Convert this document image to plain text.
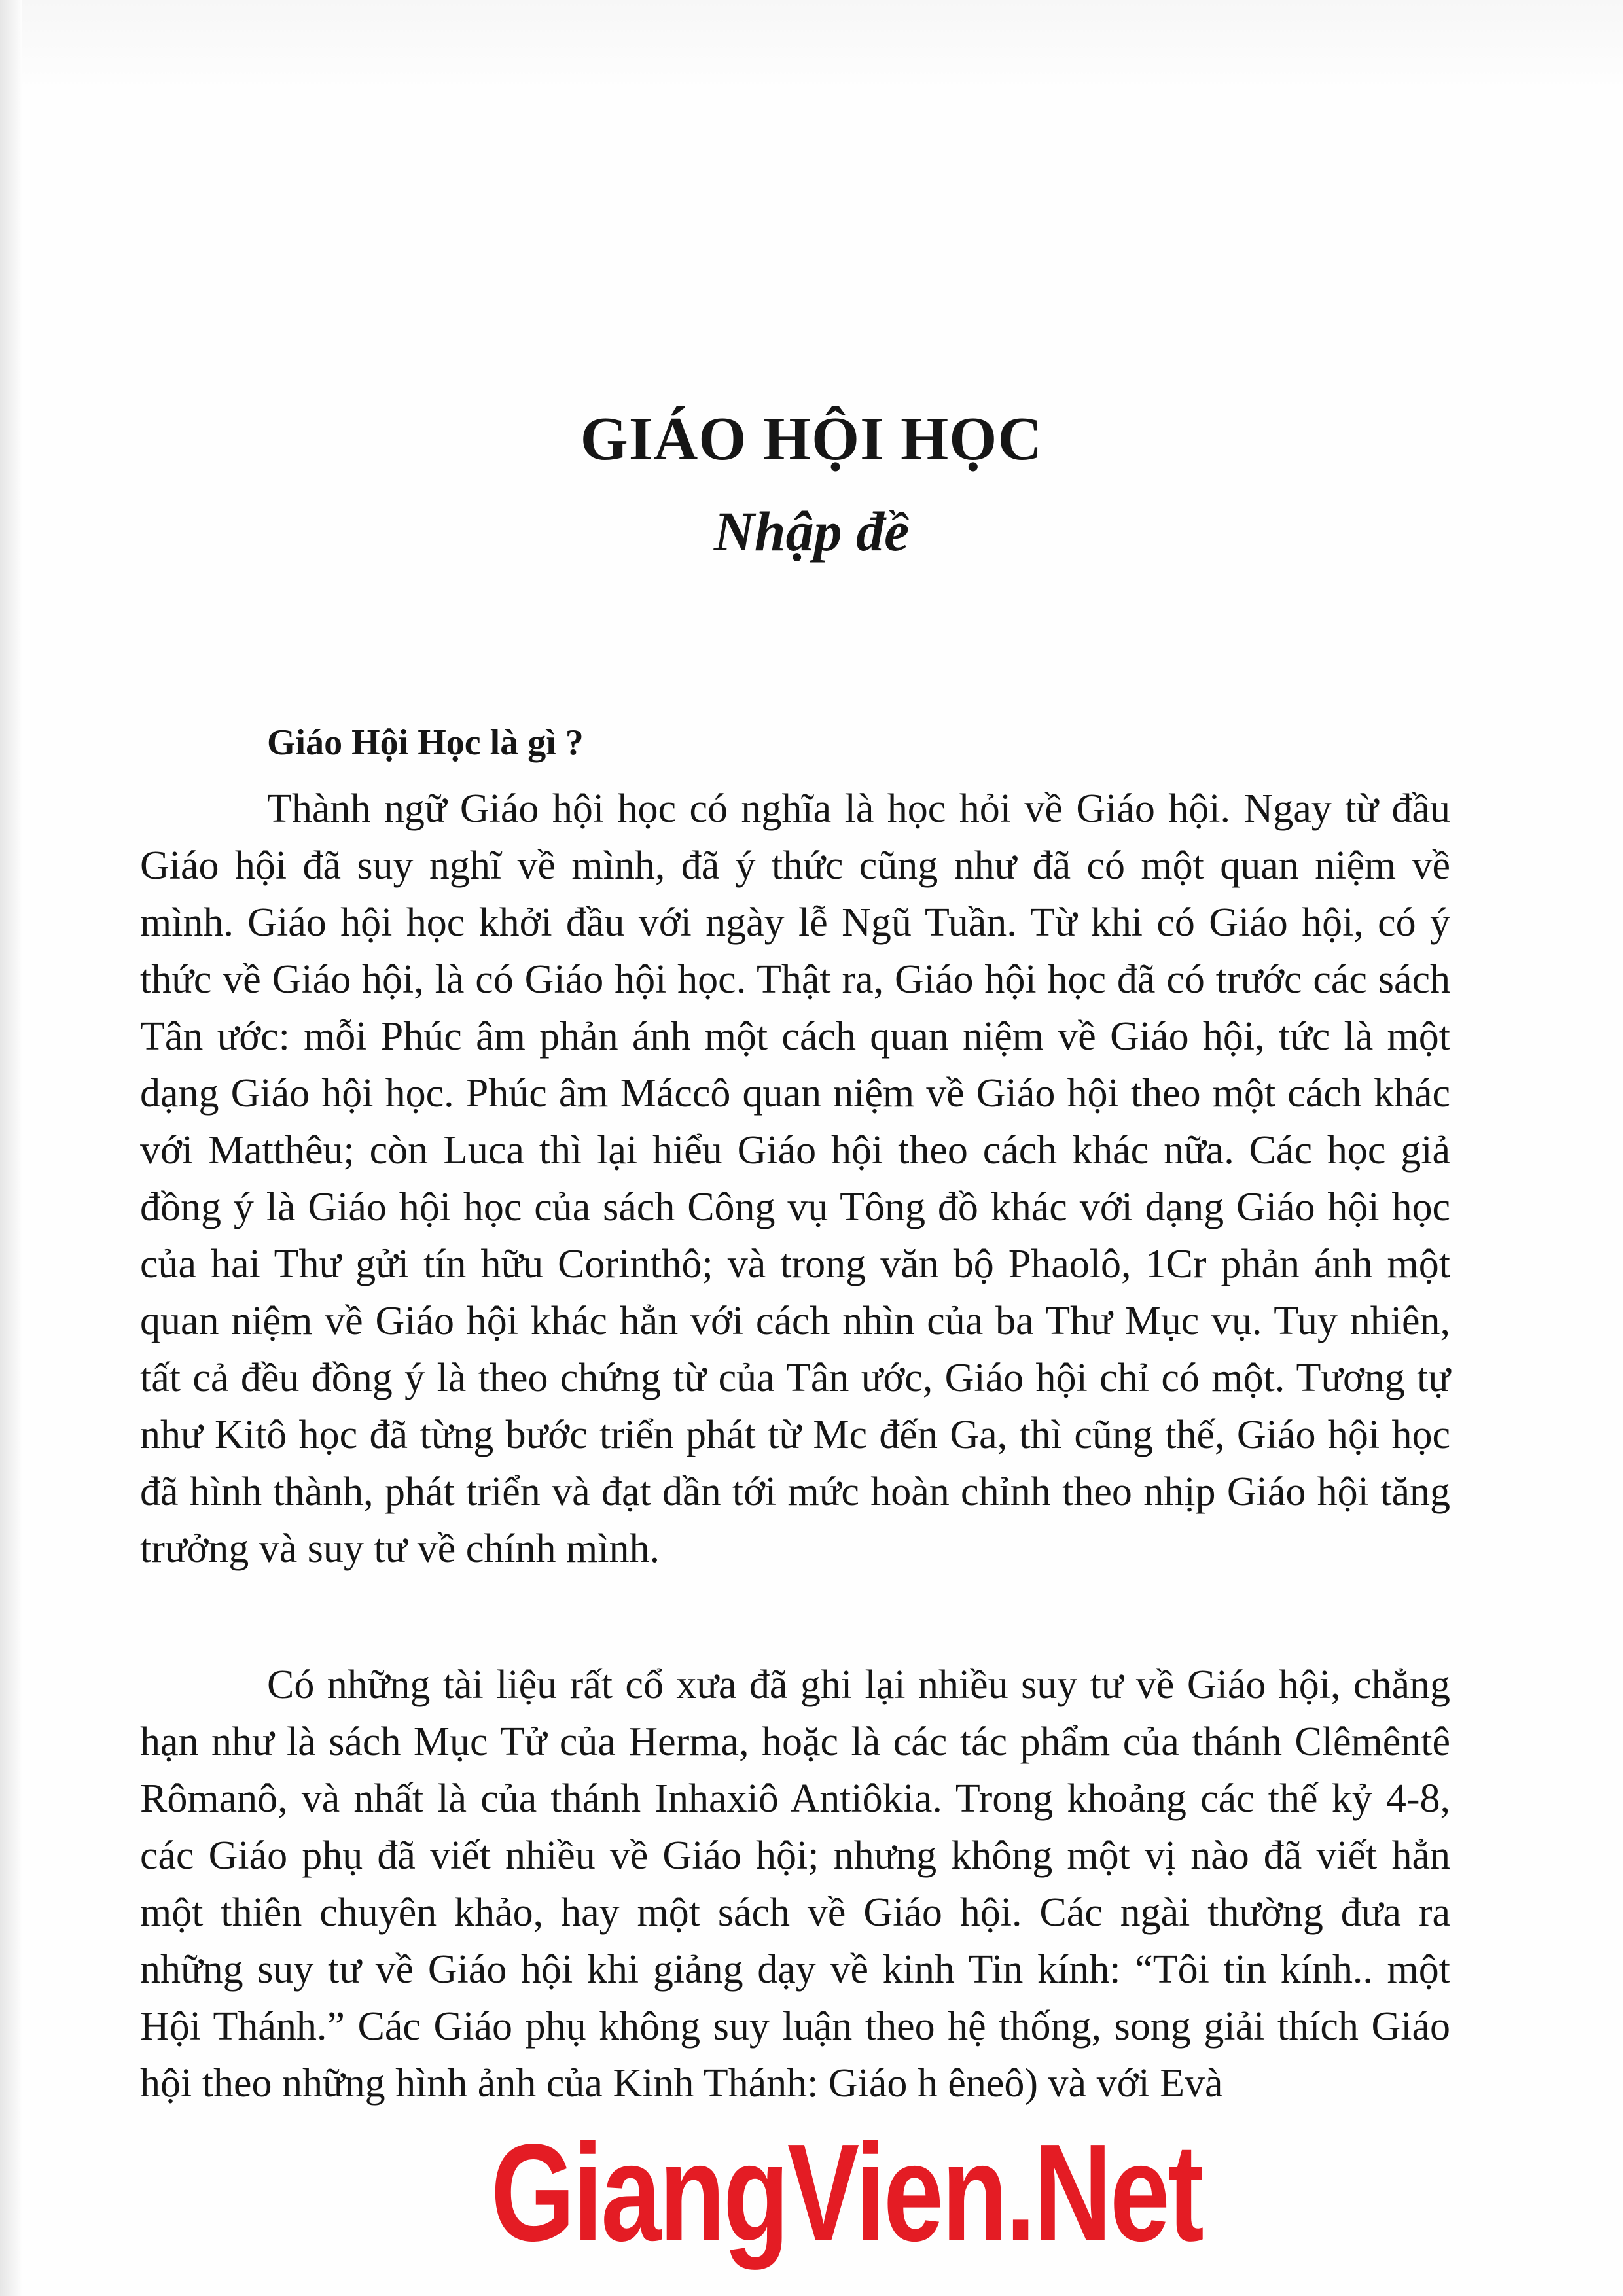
GIÁO HỘI HỌC
Nhập đề
Giáo Hội Học là gì ?

Thành ngữ Giáo hội học có nghĩa là học hỏi về Giáo hội. Ngay từ đầu Giáo hội đã suy nghĩ về mình, đã ý thức cũng như đã có một quan niệm về mình. Giáo hội học khởi đầu với ngày lễ Ngũ Tuần. Từ khi có Giáo hội, có ý thức về Giáo hội, là có Giáo hội học. Thật ra, Giáo hội học đã có trước các sách Tân ước: mỗi Phúc âm phản ánh một cách quan niệm về Giáo hội, tức là một dạng Giáo hội học. Phúc âm Máccô quan niệm về Giáo hội theo một cách khác với Matthêu; còn Luca thì lại hiểu Giáo hội theo cách khác nữa. Các học giả đồng ý là Giáo hội học của sách Công vụ Tông đồ khác với dạng Giáo hội học của hai Thư gửi tín hữu Corinthô; và trong văn bộ Phaolô, 1Cr phản ánh một quan niệm về Giáo hội khác hẳn với cách nhìn của ba Thư Mục vụ. Tuy nhiên, tất cả đều đồng ý là theo chứng từ của Tân ước, Giáo hội chỉ có một. Tương tự như Kitô học đã từng bước triển phát từ Mc đến Ga, thì cũng thế, Giáo hội học đã hình thành, phát triển và đạt dần tới mức hoàn chỉnh theo nhịp Giáo hội tăng trưởng và suy tư về chính mình.

Có những tài liệu rất cổ xưa đã ghi lại nhiều suy tư về Giáo hội, chẳng hạn như là sách Mục Tử của Herma, hoặc là các tác phẩm của thánh Clêmêntê Rômanô, và nhất là của thánh Inhaxiô Antiôkia. Trong khoảng các thế kỷ 4-8, các Giáo phụ đã viết nhiều về Giáo hội; nhưng không một vị nào đã viết hẳn một thiên chuyên khảo, hay một sách về Giáo hội. Các ngài thường đưa ra những suy tư về Giáo hội khi giảng dạy về kinh Tin kính: “Tôi tin kính.. một Hội Thánh.” Các Giáo phụ không suy luận theo hệ thống, song giải thích Giáo hội theo những hình ảnh của Kinh Thánh: Giáo h êneô) và với Evà

GiangVien.Net
